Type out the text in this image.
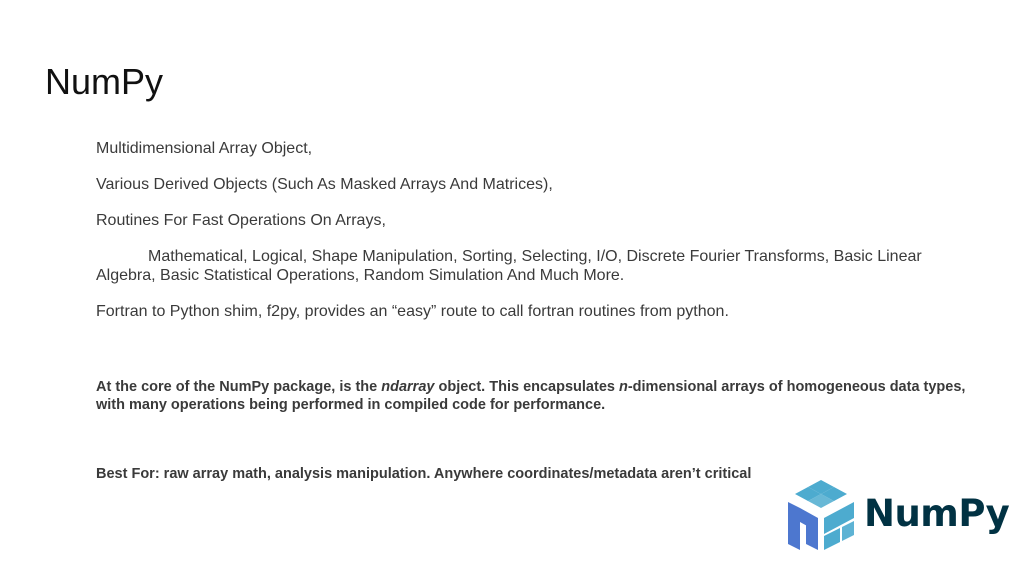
NumPy

Multidimensional Array Object,

Various Derived Objects (Such As Masked Arrays And Matrices),

Routines For Fast Operations On Arrays,

Mathematical, Logical, Shape Manipulation, Sorting, Selecting, I/O, Discrete Fourier Transforms, Basic Linear Algebra, Basic Statistical Operations, Random Simulation And Much More.

Fortran to Python shim, f2py, provides an “easy” route to call fortran routines from python.

At the core of the NumPy package, is the ndarray object. This encapsulates n-dimensional arrays of homogeneous data types, with many operations being performed in compiled code for performance.

Best For: raw array math, analysis manipulation. Anywhere coordinates/metadata aren’t critical

NumPy
